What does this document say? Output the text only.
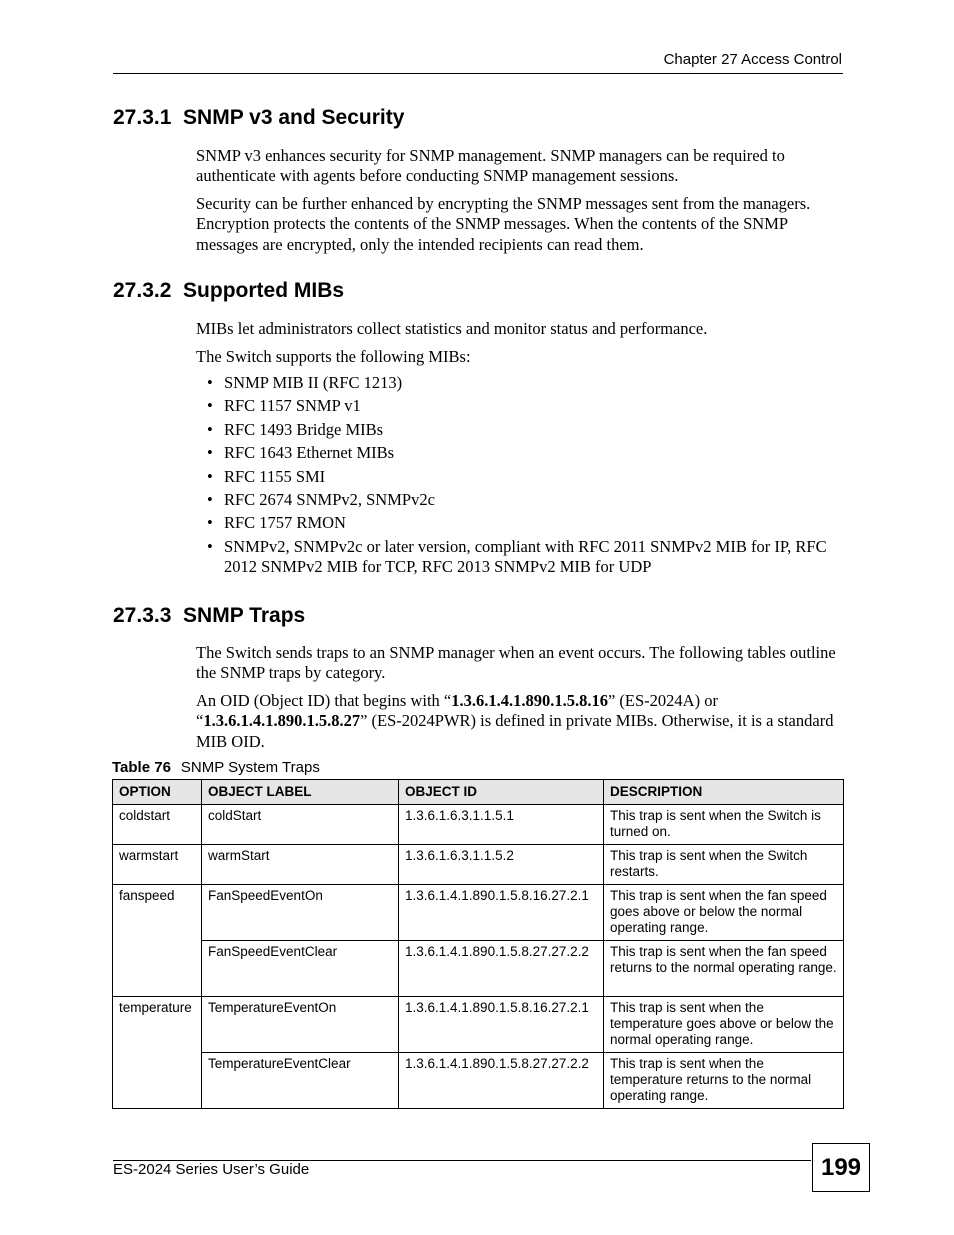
Chapter 27 Access Control
27.3.1  SNMP v3 and Security

SNMP v3 enhances security for SNMP management. SNMP managers can be required to authenticate with agents before conducting SNMP management sessions.

Security can be further enhanced by encrypting the SNMP messages sent from the managers. Encryption protects the contents of the SNMP messages. When the contents of the SNMP messages are encrypted, only the intended recipients can read them.

27.3.2  Supported MIBs

MIBs let administrators collect statistics and monitor status and performance.

The Switch supports the following MIBs:

• SNMP MIB II (RFC 1213)
• RFC 1157 SNMP v1
• RFC 1493 Bridge MIBs
• RFC 1643 Ethernet MIBs
• RFC 1155 SMI
• RFC 2674 SNMPv2, SNMPv2c
• RFC 1757 RMON
• SNMPv2, SNMPv2c or later version, compliant with RFC 2011 SNMPv2 MIB for IP, RFC 2012 SNMPv2 MIB for TCP, RFC 2013 SNMPv2 MIB for UDP
27.3.3  SNMP Traps

The Switch sends traps to an SNMP manager when an event occurs. The following tables outline the SNMP traps by category.

An OID (Object ID) that begins with “1.3.6.1.4.1.890.1.5.8.16” (ES-2024A) or “1.3.6.1.4.1.890.1.5.8.27” (ES-2024PWR) is defined in private MIBs. Otherwise, it is a standard MIB OID.

Table 76 SNMP System Traps
OPTION	OBJECT LABEL	OBJECT ID	DESCRIPTION
coldstart	coldStart	1.3.6.1.6.3.1.1.5.1	This trap is sent when the Switch is turned on.
warmstart	warmStart	1.3.6.1.6.3.1.1.5.2	This trap is sent when the Switch restarts.
fanspeed	FanSpeedEventOn	1.3.6.1.4.1.890.1.5.8.16.27.2.1	This trap is sent when the fan speed goes above or below the normal operating range.
	FanSpeedEventClear	1.3.6.1.4.1.890.1.5.8.27.27.2.2	This trap is sent when the fan speed returns to the normal operating range.
temperature	TemperatureEventOn	1.3.6.1.4.1.890.1.5.8.16.27.2.1	This trap is sent when the temperature goes above or below the normal operating range.
	TemperatureEventClear	1.3.6.1.4.1.890.1.5.8.27.27.2.2	This trap is sent when the temperature returns to the normal operating range.
ES-2024 Series User’s Guide	199
